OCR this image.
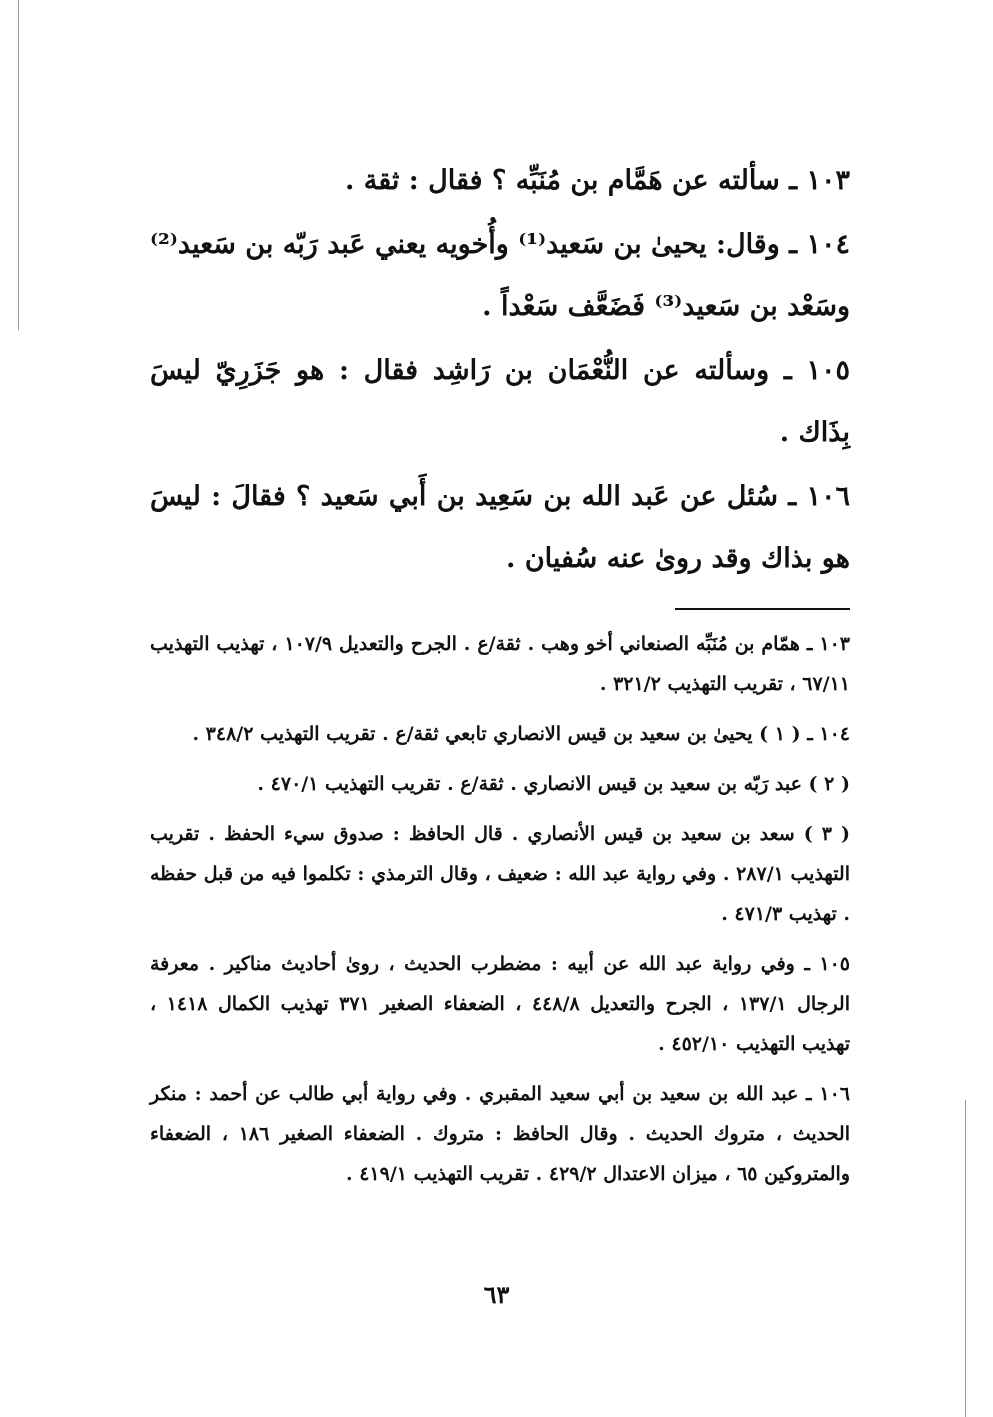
١٠٣ ـ سألته عن هَمَّام بن مُنَبِّه ؟ فقال : ثقة .

١٠٤ ـ وقال: يحيىٰ بن سَعيد⁽¹⁾ وأُخويه يعني عَبد رَبّه بن سَعيد⁽²⁾ وسَعْد بن سَعيد⁽³⁾ فَضَعَّف سَعْداً .

١٠٥ ـ وسألته عن النُّعْمَان بن رَاشِد فقال : هو جَزَرِيّ ليسَ بِذَاك .

١٠٦ ـ سُئل عن عَبد الله بن سَعِيد بن أَبي سَعيد ؟ فقالَ : ليسَ هو بذاك وقد روىٰ عنه سُفيان .

١٠٣ ـ همّام بن مُنَبِّه الصنعاني أخو وهب . ثقة/ع . الجرح والتعديل ١٠٧/٩ ، تهذيب التهذيب ٦٧/١١ ، تقريب التهذيب ٣٢١/٢ .

١٠٤ ـ ( ١ ) يحيىٰ بن سعيد بن قيس الانصاري تابعي ثقة/ع . تقريب التهذيب ٣٤٨/٢ .

( ٢ ) عبد رَبّه بن سعيد بن قيس الانصاري . ثقة/ع . تقريب التهذيب ٤٧٠/١ .

( ٣ ) سعد بن سعيد بن قيس الأنصاري . قال الحافظ : صدوق سيء الحفظ . تقريب التهذيب ٢٨٧/١ . وفي رواية عبد الله : ضعيف ، وقال الترمذي : تكلموا فيه من قبل حفظه . تهذيب ٤٧١/٣ .

١٠٥ ـ وفي رواية عبد الله عن أبيه : مضطرب الحديث ، روىٰ أحاديث مناكير . معرفة الرجال ١٣٧/١ ، الجرح والتعديل ٤٤٨/٨ ، الضعفاء الصغير ٣٧١ تهذيب الكمال ١٤١٨ ، تهذيب التهذيب ٤٥٢/١٠ .

١٠٦ ـ عبد الله بن سعيد بن أبي سعيد المقبري . وفي رواية أبي طالب عن أحمد : منكر الحديث ، متروك الحديث . وقال الحافظ : متروك . الضعفاء الصغير ١٨٦ ، الضعفاء والمتروكين ٦٥ ، ميزان الاعتدال ٤٢٩/٢ . تقريب التهذيب ٤١٩/١ .

٦٣
